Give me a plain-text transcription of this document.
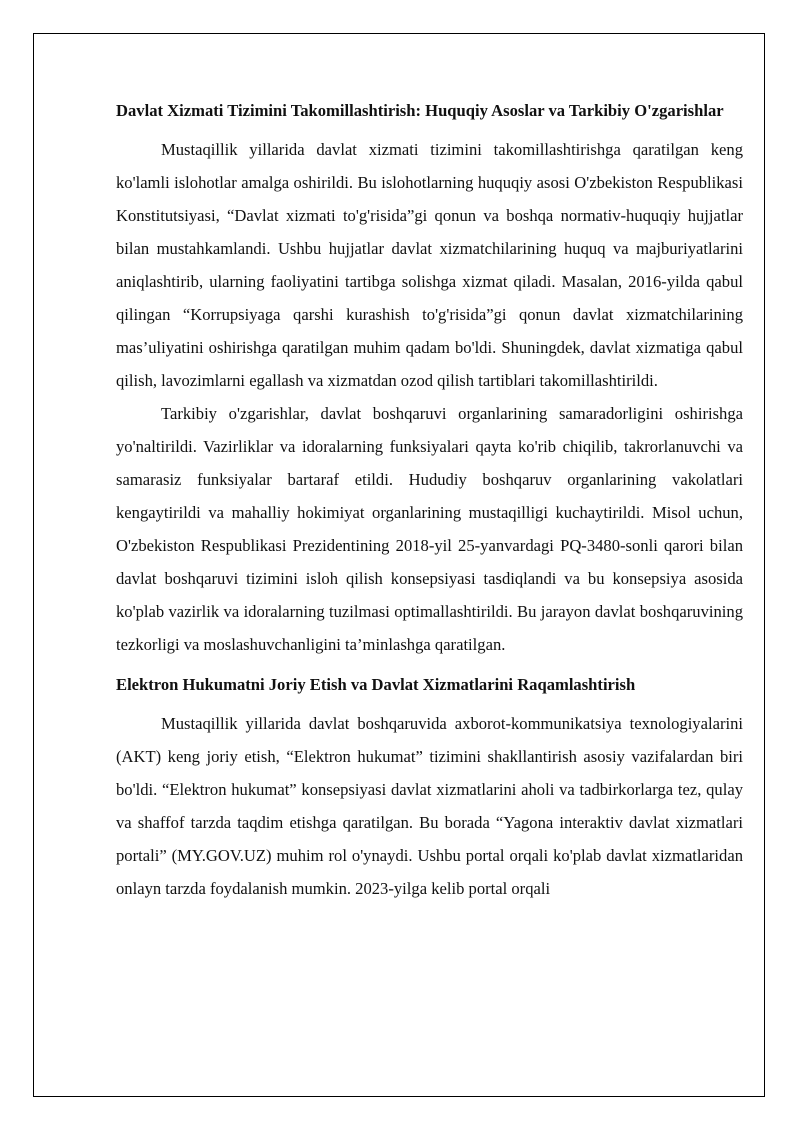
Davlat Xizmati Tizimini Takomillashtirish: Huquqiy Asoslar va Tarkibiy O'zgarishlar

Mustaqillik yillarida davlat xizmati tizimini takomillashtirishga qaratilgan keng ko'lamli islohotlar amalga oshirildi. Bu islohotlarning huquqiy asosi O'zbekiston Respublikasi Konstitutsiyasi, “Davlat xizmati to'g'risida”gi qonun va boshqa normativ-huquqiy hujjatlar bilan mustahkamlandi. Ushbu hujjatlar davlat xizmatchilarining huquq va majburiyatlarini aniqlashtirib, ularning faoliyatini tartibga solishga xizmat qiladi. Masalan, 2016-yilda qabul qilingan “Korrupsiyaga qarshi kurashish to'g'risida”gi qonun davlat xizmatchilarining mas’uliyatini oshirishga qaratilgan muhim qadam bo'ldi. Shuningdek, davlat xizmatiga qabul qilish, lavozimlarni egallash va xizmatdan ozod qilish tartiblari takomillashtirildi.

Tarkibiy o'zgarishlar, davlat boshqaruvi organlarining samaradorligini oshirishga yo'naltirildi. Vazirliklar va idoralarning funksiyalari qayta ko'rib chiqilib, takrorlanuvchi va samarasiz funksiyalar bartaraf etildi. Hududiy boshqaruv organlarining vakolatlari kengaytirildi va mahalliy hokimiyat organlarining mustaqilligi kuchaytirildi. Misol uchun, O'zbekiston Respublikasi Prezidentining 2018-yil 25-yanvardagi PQ-3480-sonli qarori bilan davlat boshqaruvi tizimini isloh qilish konsepsiyasi tasdiqlandi va bu konsepsiya asosida ko'plab vazirlik va idoralarning tuzilmasi optimallashtirildi. Bu jarayon davlat boshqaruvining tezkorligi va moslashuvchanligini ta’minlashga qaratilgan.

Elektron Hukumatni Joriy Etish va Davlat Xizmatlarini Raqamlashtirish

Mustaqillik yillarida davlat boshqaruvida axborot-kommunikatsiya texnologiyalarini (AKT) keng joriy etish, “Elektron hukumat” tizimini shakllantirish asosiy vazifalardan biri bo'ldi. “Elektron hukumat” konsepsiyasi davlat xizmatlarini aholi va tadbirkorlarga tez, qulay va shaffof tarzda taqdim etishga qaratilgan. Bu borada “Yagona interaktiv davlat xizmatlari portali” (MY.GOV.UZ) muhim rol o'ynaydi. Ushbu portal orqali ko'plab davlat xizmatlaridan onlayn tarzda foydalanish mumkin. 2023-yilga kelib portal orqali
